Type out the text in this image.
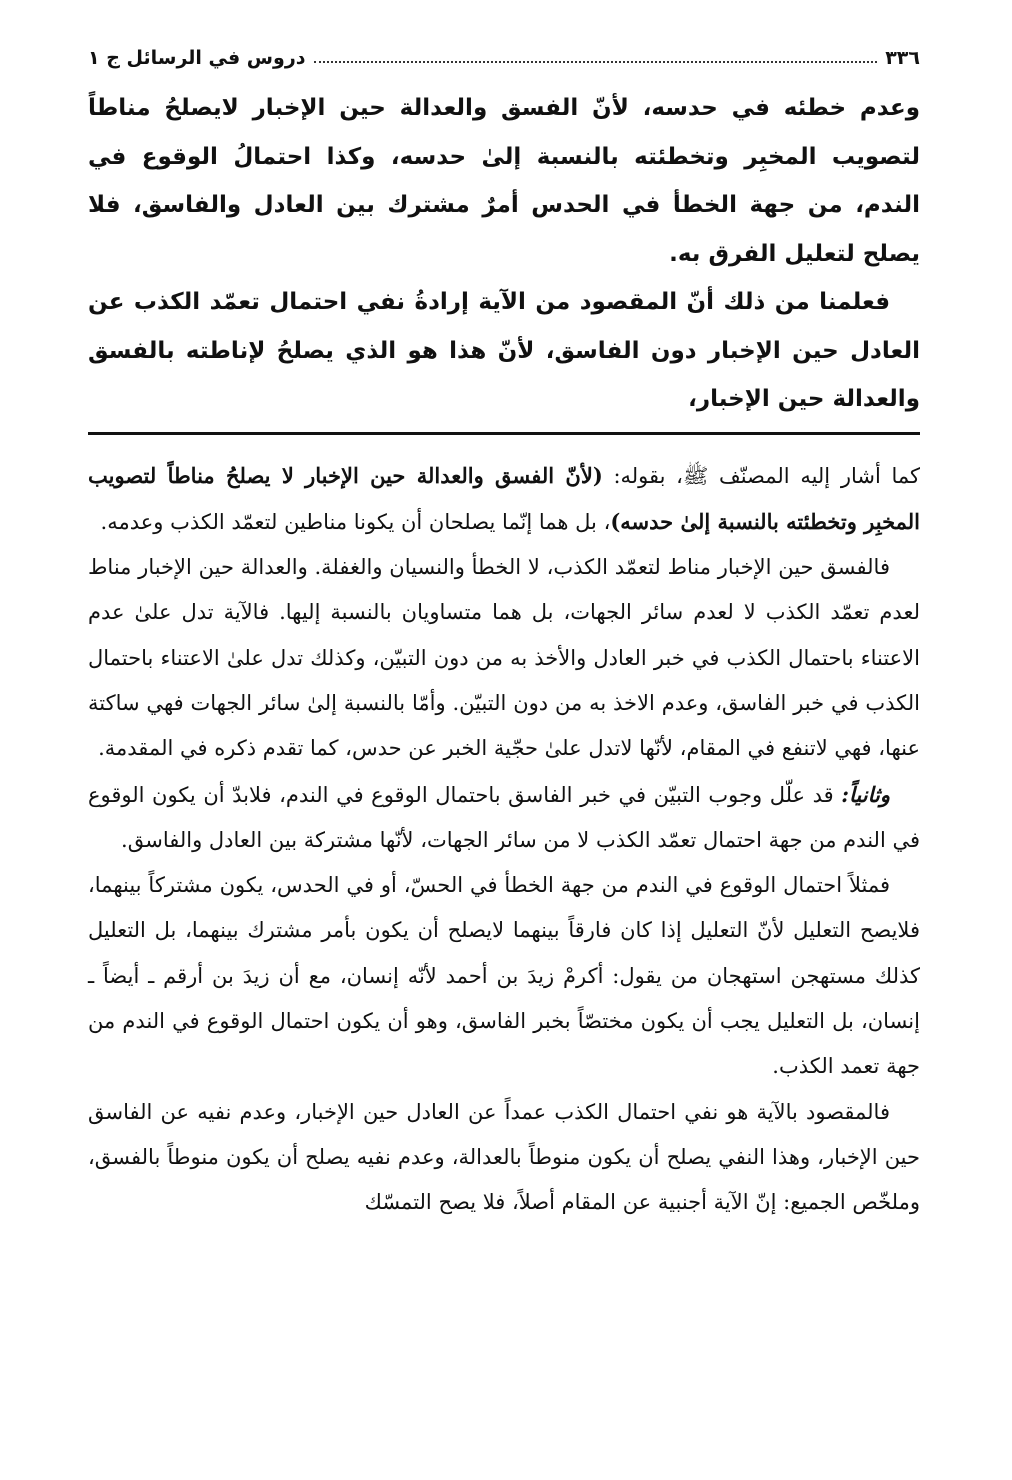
٣٣٦
دروس في الرسائل ج ١

وعدم خطئه في حدسه، لأنّ الفسق والعدالة حين الإخبار لايصلحُ مناطاً لتصويب المخبِر وتخطئته بالنسبة إلىٰ حدسه، وكذا احتمالُ الوقوع في الندم، من جهة الخطأ في الحدس أمرٌ مشترك بين العادل والفاسق، فلا يصلح لتعليل الفرق به.

فعلمنا من ذلك أنّ المقصود من الآية إرادةُ نفي احتمال تعمّد الكذب عن العادل حين الإخبار دون الفاسق، لأنّ هذا هو الذي يصلحُ لإناطته بالفسق والعدالة حين الإخبار،

كما أشار إليه المصنّف ﷺ، بقوله: (لأنّ الفسق والعدالة حين الإخبار لا يصلحُ مناطاً لتصويب المخبِر وتخطئته بالنسبة إلىٰ حدسه)، بل هما إنّما يصلحان أن يكونا مناطين لتعمّد الكذب وعدمه.

فالفسق حين الإخبار مناط لتعمّد الكذب، لا الخطأ والنسيان والغفلة. والعدالة حين الإخبار مناط لعدم تعمّد الكذب لا لعدم سائر الجهات، بل هما متساويان بالنسبة إليها. فالآية تدل علىٰ عدم الاعتناء باحتمال الكذب في خبر العادل والأخذ به من دون التبيّن، وكذلك تدل علىٰ الاعتناء باحتمال الكذب في خبر الفاسق، وعدم الاخذ به من دون التبيّن. وأمّا بالنسبة إلىٰ سائر الجهات فهي ساكتة عنها، فهي لاتنفع في المقام، لأنّها لاتدل علىٰ حجّية الخبر عن حدس، كما تقدم ذكره في المقدمة.

وثانياً: قد علّل وجوب التبيّن في خبر الفاسق باحتمال الوقوع في الندم، فلابدّ أن يكون الوقوع في الندم من جهة احتمال تعمّد الكذب لا من سائر الجهات، لأنّها مشتركة بين العادل والفاسق.

فمثلاً احتمال الوقوع في الندم من جهة الخطأ في الحسّ، أو في الحدس، يكون مشتركاً بينهما، فلايصح التعليل لأنّ التعليل إذا كان فارقاً بينهما لايصلح أن يكون بأمر مشترك بينهما، بل التعليل كذلك مستهجن استهجان من يقول: أكرمْ زيدَ بن أحمد لأنّه إنسان، مع أن زيدَ بن أرقم ـ أيضاً ـ إنسان، بل التعليل يجب أن يكون مختصّاً بخبر الفاسق، وهو أن يكون احتمال الوقوع في الندم من جهة تعمد الكذب.

فالمقصود بالآية هو نفي احتمال الكذب عمداً عن العادل حين الإخبار، وعدم نفيه عن الفاسق حين الإخبار، وهذا النفي يصلح أن يكون منوطاً بالعدالة، وعدم نفيه يصلح أن يكون منوطاً بالفسق، وملخّص الجميع: إنّ الآية أجنبية عن المقام أصلاً، فلا يصح التمسّك
